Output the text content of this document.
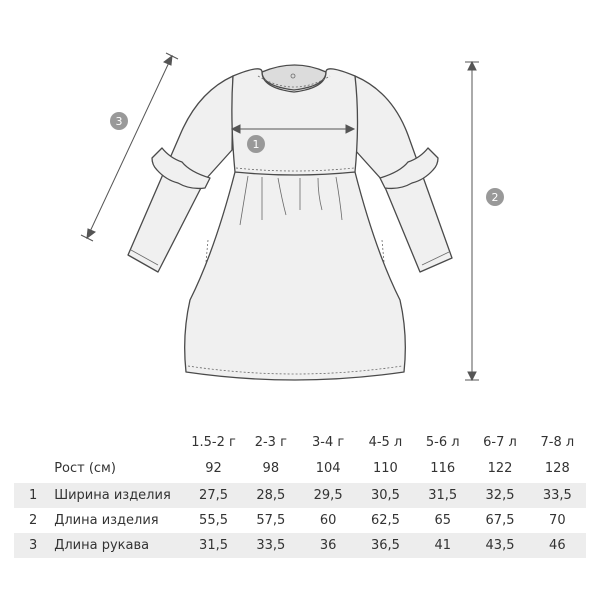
1
2
3
		1.5-2 г	2-3 г	3-4 г	4-5 л	5-6 л	6-7 л	7-8 л
	Рост (см)	92	98	104	110	116	122	128

1	Ширина изделия	27,5	28,5	29,5	30,5	31,5	32,5	33,5
2	Длина изделия	55,5	57,5	60	62,5	65	67,5	70
3	Длина рукава	31,5	33,5	36	36,5	41	43,5	46
